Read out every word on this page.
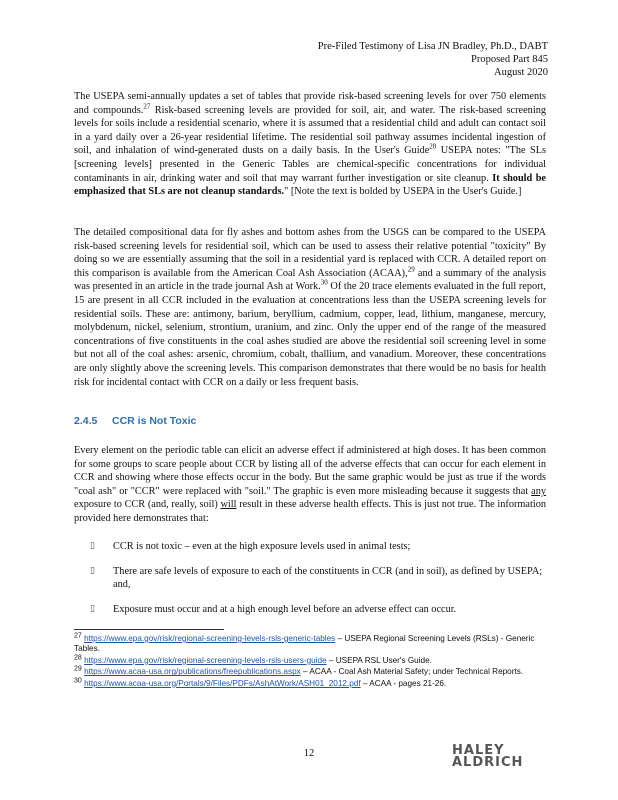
Pre-Filed Testimony of Lisa JN Bradley, Ph.D., DABT
Proposed Part 845
August 2020

The USEPA semi-annually updates a set of tables that provide risk-based screening levels for over 750 elements and compounds.$^{27}$ Risk-based screening levels are provided for soil, air, and water. The risk-based screening levels for soils include a residential scenario, where it is assumed that a residential child and adult can contact soil in a yard daily over a 26-year residential lifetime. The residential soil pathway assumes incidental ingestion of soil, and inhalation of wind-generated dusts on a daily basis. In the User's Guide$^{28}$ USEPA notes: "The SLs [screening levels] presented in the Generic Tables are chemical-specific concentrations for individual contaminants in air, drinking water and soil that may warrant further investigation or site cleanup. It should be emphasized that SLs are not cleanup standards." [Note the text is bolded by USEPA in the User's Guide.]

The detailed compositional data for fly ashes and bottom ashes from the USGS can be compared to the USEPA risk-based screening levels for residential soil, which can be used to assess their relative potential "toxicity" By doing so we are essentially assuming that the soil in a residential yard is replaced with CCR. A detailed report on this comparison is available from the American Coal Ash Association (ACAA),$^{29}$ and a summary of the analysis was presented in an article in the trade journal Ash at Work.$^{30}$ Of the 20 trace elements evaluated in the full report, 15 are present in all CCR included in the evaluation at concentrations less than the USEPA screening levels for residential soils. These are: antimony, barium, beryllium, cadmium, copper, lead, lithium, manganese, mercury, molybdenum, nickel, selenium, strontium, uranium, and zinc. Only the upper end of the range of the measured concentrations of five constituents in the coal ashes studied are above the residential soil screening level in some but not all of the coal ashes: arsenic, chromium, cobalt, thallium, and vanadium. Moreover, these concentrations are only slightly above the screening levels. This comparison demonstrates that there would be no basis for health risk for incidental contact with CCR on a daily or less frequent basis.

2.4.5 CCR is Not Toxic

Every element on the periodic table can elicit an adverse effect if administered at high doses. It has been common for some groups to scare people about CCR by listing all of the adverse effects that can occur for each element in CCR and showing where those effects occur in the body. But the same graphic would be just as true if the words "coal ash" or "CCR" were replaced with "soil." The graphic is even more misleading because it suggests that any exposure to CCR (and, really, soil) will result in these adverse health effects. This is just not true. The information provided here demonstrates that:

▯ CCR is not toxic – even at the high exposure levels used in animal tests;
▯ There are safe levels of exposure to each of the constituents in CCR (and in soil), as defined by USEPA; and,
▯ Exposure must occur and at a high enough level before an adverse effect can occur.
27 https://www.epa.gov/risk/regional-screening-levels-rsls-generic-tables – USEPA Regional Screening Levels (RSLs) - Generic Tables.
28 https://www.epa.gov/risk/regional-screening-levels-rsls-users-guide – USEPA RSL User's Guide.
29 https://www.acaa-usa.org/publications/freepublications.aspx – ACAA - Coal Ash Material Safety; under Technical Reports.
30 https://www.acaa-usa.org/Portals/9/Files/PDFs/AshAtWork/ASH01_2012.pdf – ACAA - pages 21-26.
12	HALEY
ALDRICH
